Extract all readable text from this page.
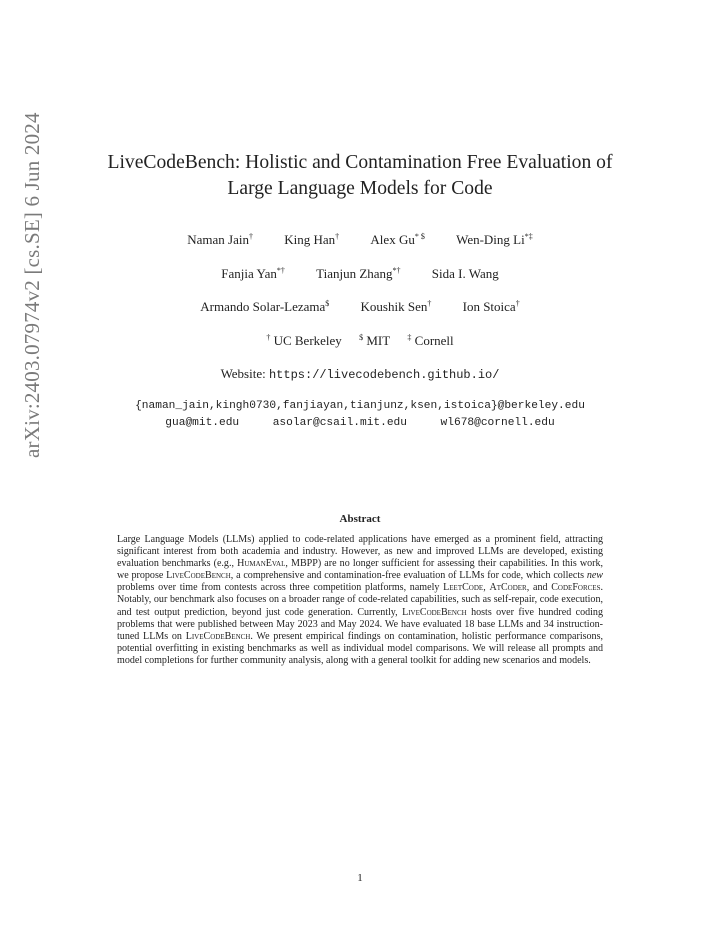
arXiv:2403.07974v2 [cs.SE] 6 Jun 2024	LiveCodeBench: Holistic and Contamination Free Evaluation of
Large Language Models for Code
Naman Jain† King Han† Alex Gu* $ Wen-Ding Li*‡
Fanjia Yan*† Tianjun Zhang*† Sida I. Wang
Armando Solar-Lezama$ Koushik Sen† Ion Stoica†
† UC Berkeley $ MIT ‡ Cornell
Website: https://livecodebench.github.io/
{naman_jain,kingh0730,fanjiayan,tianjunz,ksen,istoica}@berkeley.edu
gua@mit.edu     asolar@csail.mit.edu     wl678@cornell.edu
Abstract
Large Language Models (LLMs) applied to code-related applications have emerged as a prominent field, attracting significant interest from both academia and industry. However, as new and improved LLMs are developed, existing evaluation benchmarks (e.g., HumanEval, MBPP) are no longer sufficient for assessing their capabilities. In this work, we propose LiveCodeBench, a comprehensive and contamination-free evaluation of LLMs for code, which collects new problems over time from contests across three competition platforms, namely LeetCode, AtCoder, and CodeForces. Notably, our benchmark also focuses on a broader range of code-related capabilities, such as self-repair, code execution, and test output prediction, beyond just code generation. Currently, LiveCodeBench hosts over five hundred coding problems that were published between May 2023 and May 2024. We have evaluated 18 base LLMs and 34 instruction-tuned LLMs on LiveCodeBench. We present empirical findings on contamination, holistic performance comparisons, potential overfitting in existing benchmarks as well as individual model comparisons. We will release all prompts and model completions for further community analysis, along with a general toolkit for adding new scenarios and models.
1
